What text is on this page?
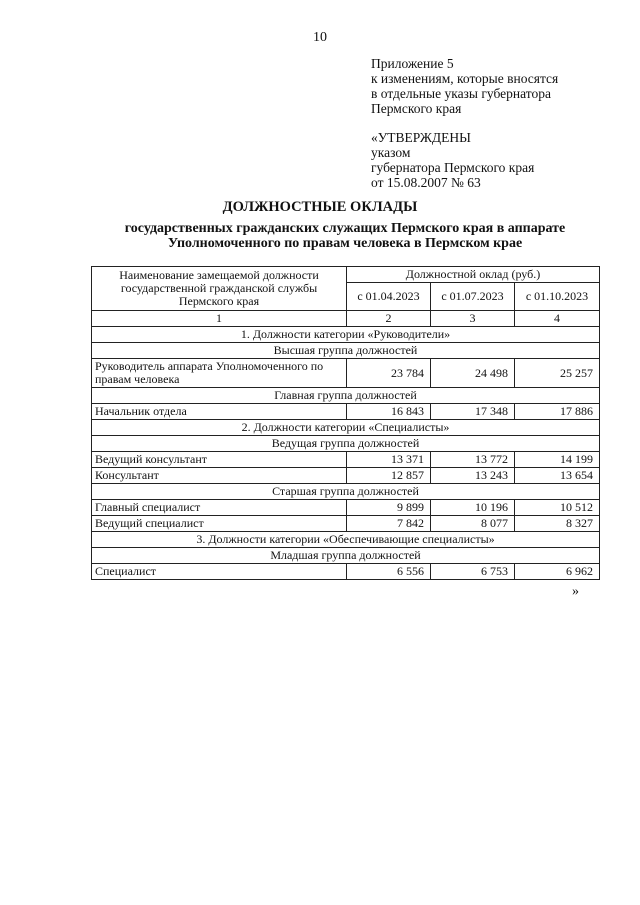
10
Приложение 5
к изменениям, которые вносятся
в отдельные указы губернатора
Пермского края
«УТВЕРЖДЕНЫ
указом
губернатора Пермского края
от 15.08.2007 № 63
ДОЛЖНОСТНЫЕ ОКЛАДЫ
государственных гражданских служащих Пермского края в аппарате
Уполномоченного по правам человека в Пермском крае
Наименование замещаемой должности государственной гражданской службы Пермского края	Должностной оклад (руб.)		
	с 01.04.2023	с 01.07.2023	с 01.10.2023
1	2	3	4
1. Должности категории «Руководители»			
Высшая группа должностей			
Руководитель аппарата Уполномоченного по правам человека	23 784	24 498	25 257
Главная группа должностей			
Начальник отдела	16 843	17 348	17 886
2. Должности категории «Специалисты»			
Ведущая группа должностей			
Ведущий консультант	13 371	13 772	14 199
Консультант	12 857	13 243	13 654
Старшая группа должностей			
Главный специалист	9 899	10 196	10 512
Ведущий специалист	7 842	8 077	8 327
3. Должности категории «Обеспечивающие специалисты»			
Младшая группа должностей			
Специалист	6 556	6 753	6 962
»
